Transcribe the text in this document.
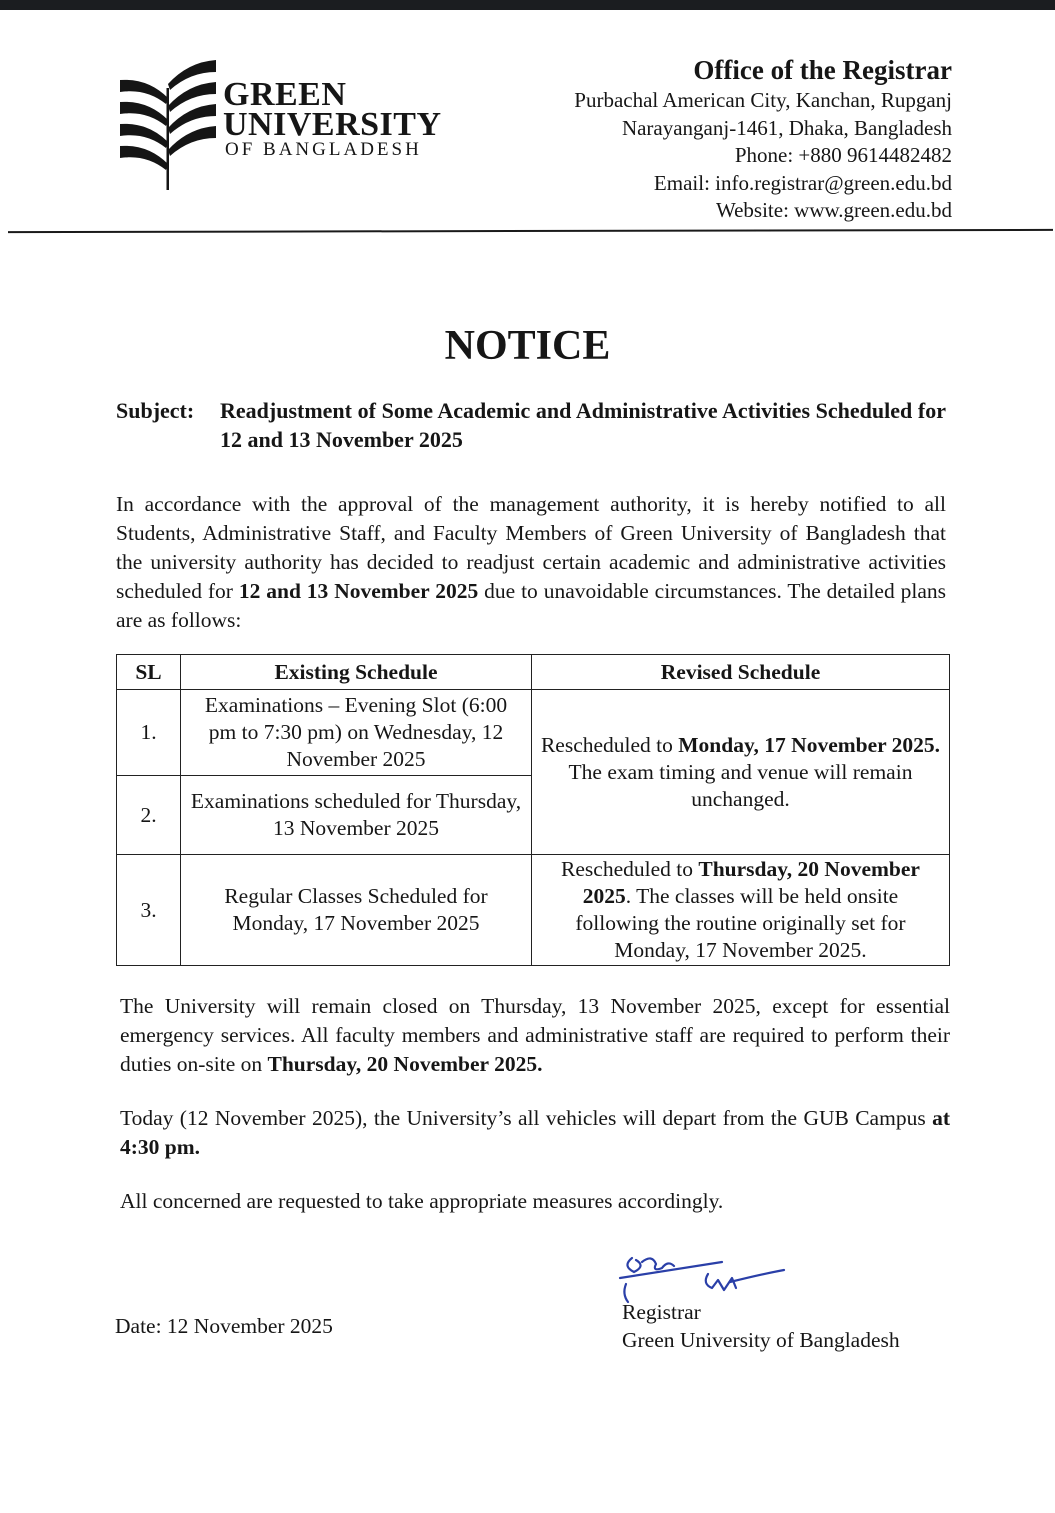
GREEN
UNIVERSITY
OF BANGLADESH
Office of the Registrar
Purbachal American City, Kanchan, Rupganj
Narayanganj-1461, Dhaka, Bangladesh
Phone: +880 9614482482
Email: info.registrar@green.edu.bd
Website: www.green.edu.bd
NOTICE
Subject:	Readjustment of Some Academic and Administrative Activities Scheduled for 12 and 13 November 2025
In accordance with the approval of the management authority, it is hereby notified to all Students, Administrative Staff, and Faculty Members of Green University of Bangladesh that the university authority has decided to readjust certain academic and administrative activities scheduled for 12 and 13 November 2025 due to unavoidable circumstances. The detailed plans are as follows:
SL	Existing Schedule	Revised Schedule
1.	Examinations – Evening Slot (6:00 pm to 7:30 pm) on Wednesday, 12 November 2025	Rescheduled to Monday, 17 November 2025. The exam timing and venue will remain unchanged.
2.	Examinations scheduled for Thursday, 13 November 2025	
3.	Regular Classes Scheduled for Monday, 17 November 2025	Rescheduled to Thursday, 20 November 2025. The classes will be held onsite following the routine originally set for Monday, 17 November 2025.
The University will remain closed on Thursday, 13 November 2025, except for essential emergency services. All faculty members and administrative staff are required to perform their duties on-site on Thursday, 20 November 2025.
Today (12 November 2025), the University’s all vehicles will depart from the GUB Campus at 4:30 pm.
All concerned are requested to take appropriate measures accordingly.
Date: 12 November 2025
Registrar
Green University of Bangladesh
